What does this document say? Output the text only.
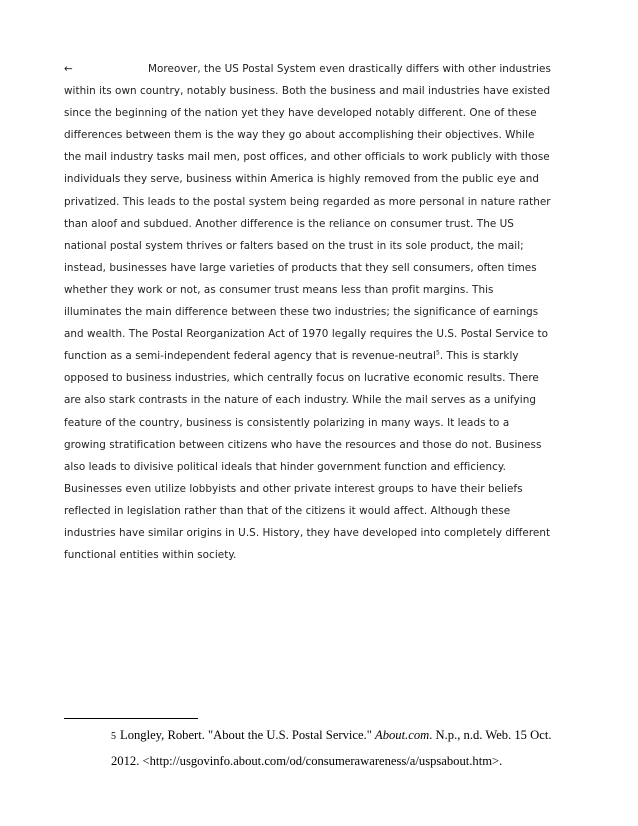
←	Moreover, the US Postal System even drastically differs with other industries
within its own country, notably business. Both the business and mail industries have existed
since the beginning of the nation yet they have developed notably different. One of these
differences between them is the way they go about accomplishing their objectives. While
the mail industry tasks mail men, post offices, and other officials to work publicly with those
individuals they serve, business within America is highly removed from the public eye and
privatized. This leads to the postal system being regarded as more personal in nature rather
than aloof and subdued. Another difference is the reliance on consumer trust. The US
national postal system thrives or falters based on the trust in its sole product, the mail;
instead, businesses have large varieties of products that they sell consumers, often times
whether they work or not, as consumer trust means less than profit margins. This
illuminates the main difference between these two industries; the significance of earnings
and wealth. The Postal Reorganization Act of 1970 legally requires the U.S. Postal Service to
function as a semi-independent federal agency that is revenue-neutral$^5$. This is starkly
opposed to business industries, which centrally focus on lucrative economic results. There
are also stark contrasts in the nature of each industry. While the mail serves as a unifying
feature of the country, business is consistently polarizing in many ways. It leads to a
growing stratification between citizens who have the resources and those do not. Business
also leads to divisive political ideals that hinder government function and efficiency.
Businesses even utilize lobbyists and other private interest groups to have their beliefs
reflected in legislation rather than that of the citizens it would affect. Although these
industries have similar origins in U.S. History, they have developed into completely different
functional entities within society.
5 Longley, Robert. "About the U.S. Postal Service." About.com. N.p., n.d. Web. 15 Oct.
2012. <http://usgovinfo.about.com/od/consumerawareness/a/uspsabout.htm>.
